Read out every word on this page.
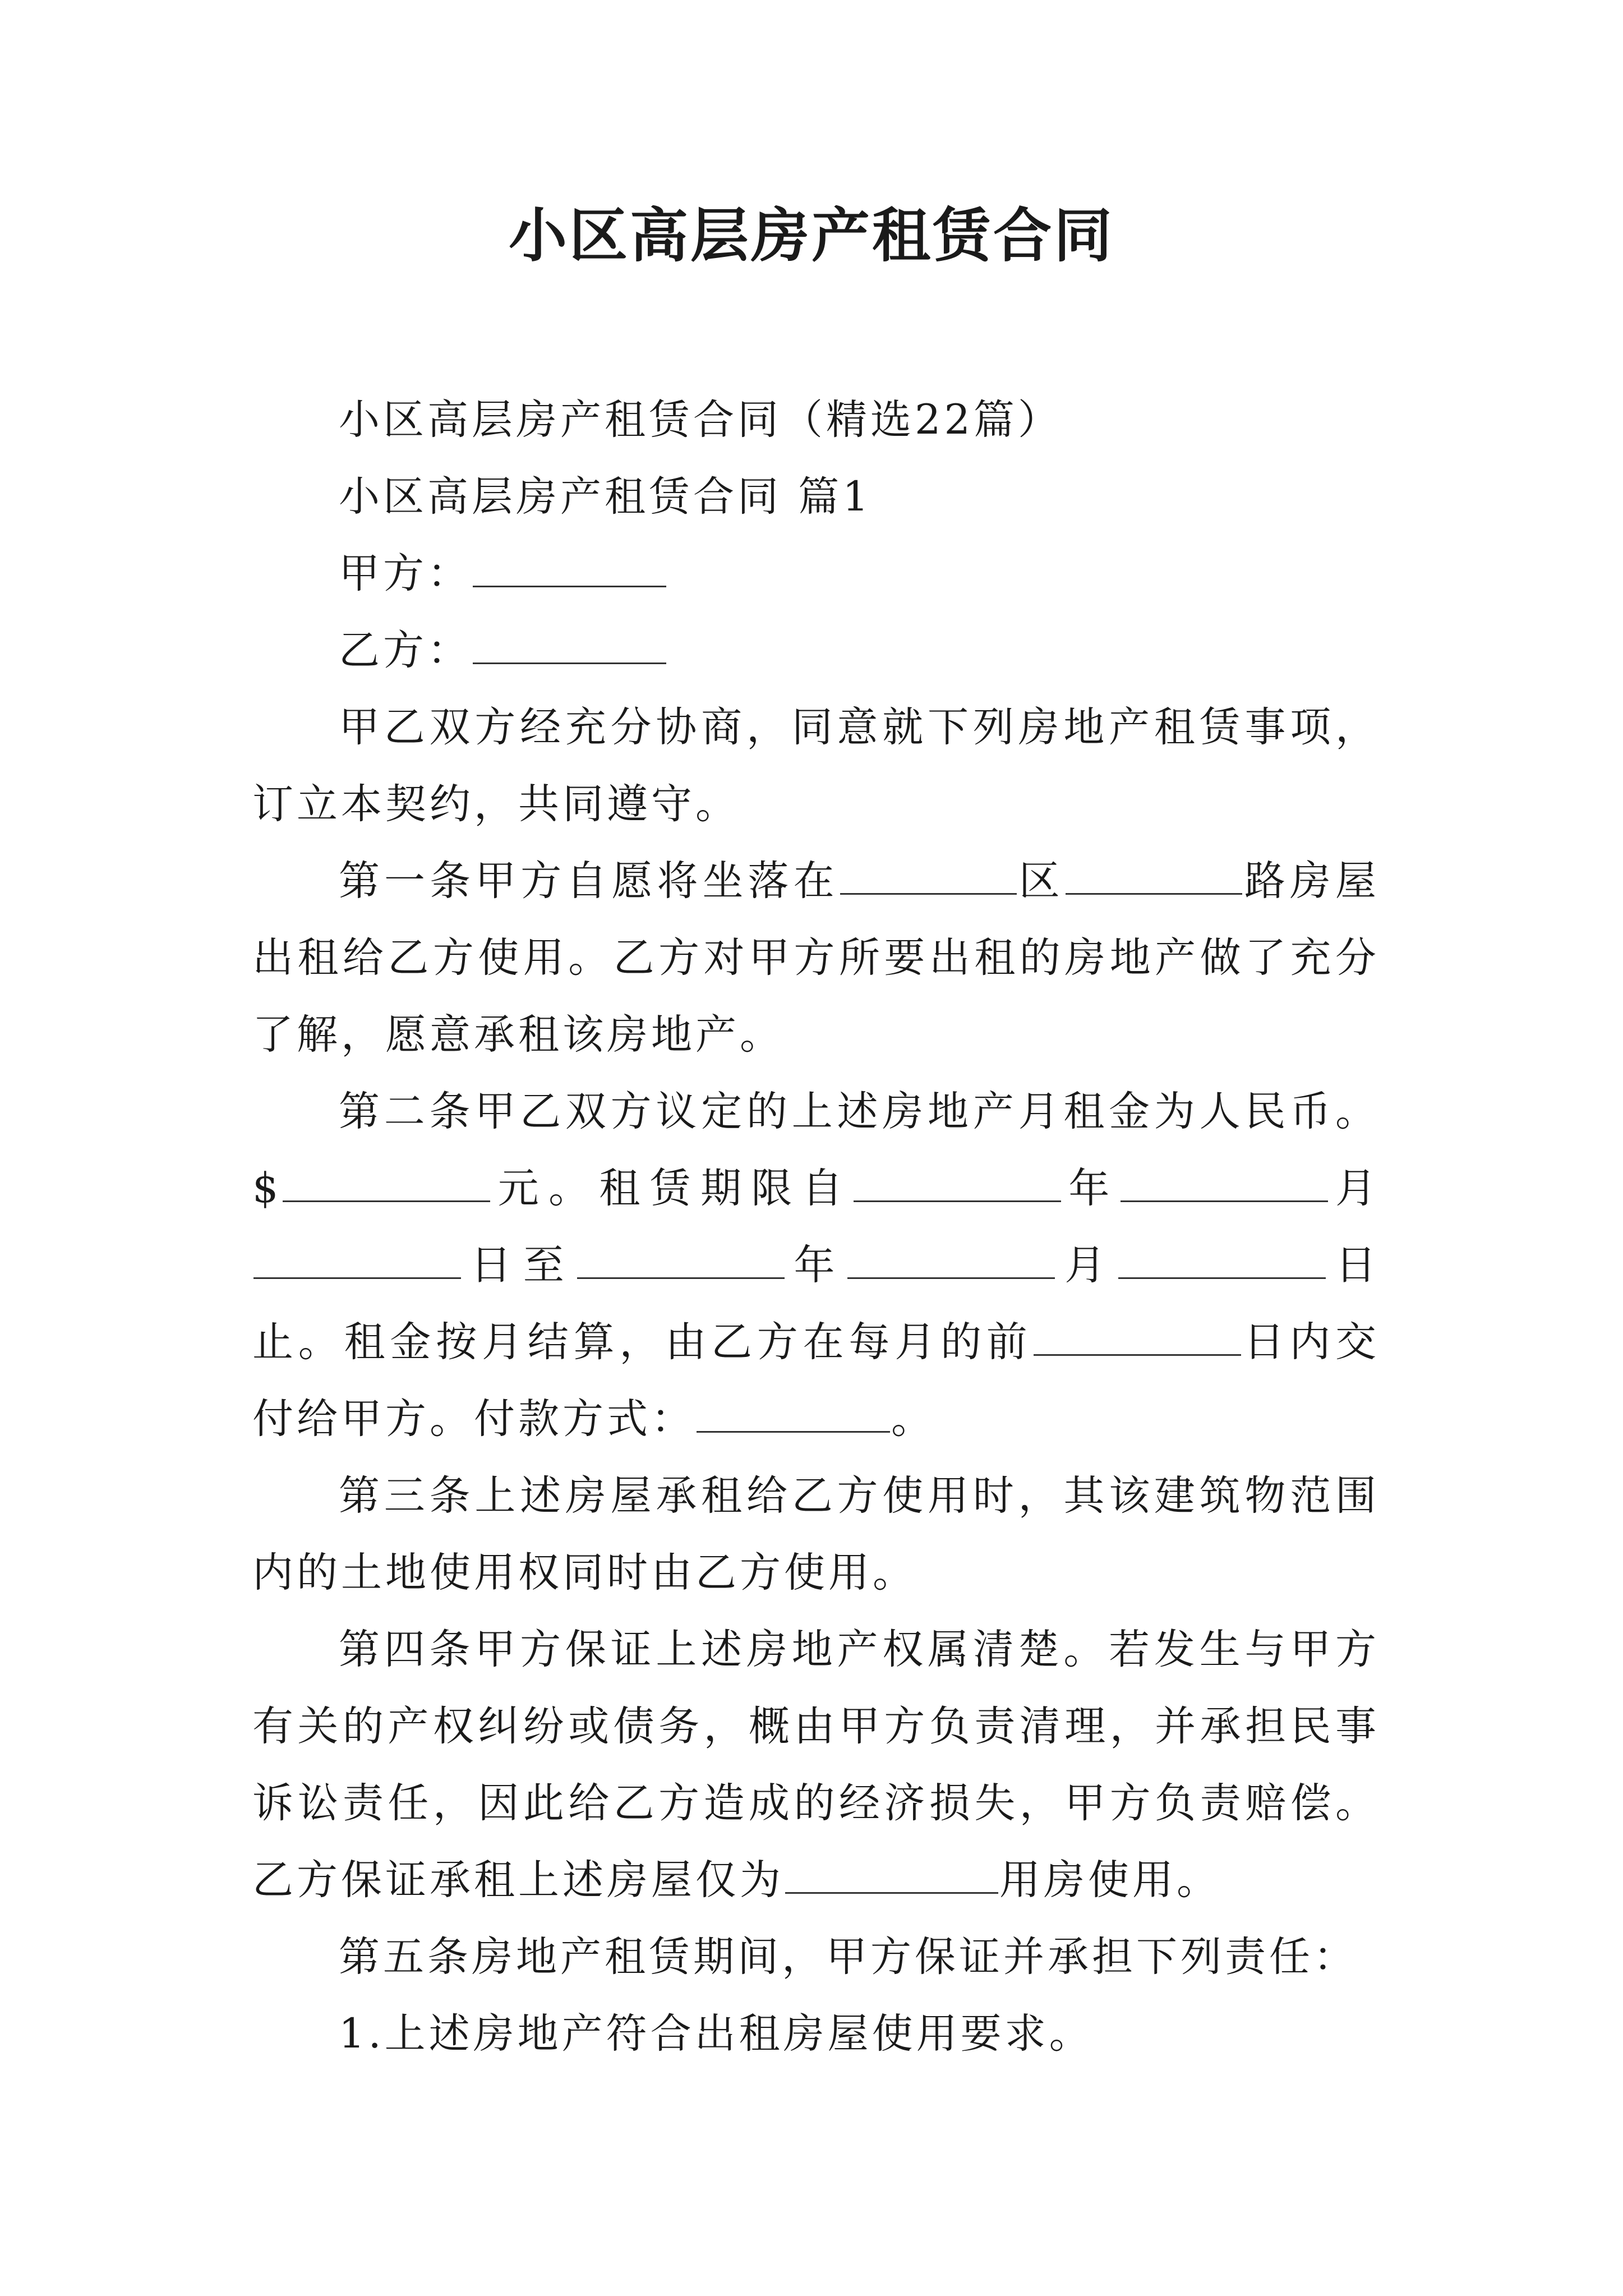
小区高层房产租赁合同

小区高层房产租赁合同（精选22篇）

小区高层房产租赁合同 篇1

甲方：

乙方：

甲乙双方经充分协商，同意就下列房地产租赁事项，订立本契约，共同遵守。

第一条甲方自愿将坐落在	区	路房屋出租给乙方使用。乙方对甲方所要出租的房地产做了充分了解，愿意承租该房地产。

第二条甲乙双方议定的上述房地产月租金为人民币。$	元。租赁期限自	年	月日至	年	月	日止。租金按月结算，由乙方在每月的前	日内交付给甲方。付款方式：	。

第三条上述房屋承租给乙方使用时，其该建筑物范围内的土地使用权同时由乙方使用。

第四条甲方保证上述房地产权属清楚。若发生与甲方有关的产权纠纷或债务，概由甲方负责清理，并承担民事诉讼责任，因此给乙方造成的经济损失，甲方负责赔偿。乙方保证承租上述房屋仅为	用房使用。

第五条房地产租赁期间，甲方保证并承担下列责任：

1.上述房地产符合出租房屋使用要求。
